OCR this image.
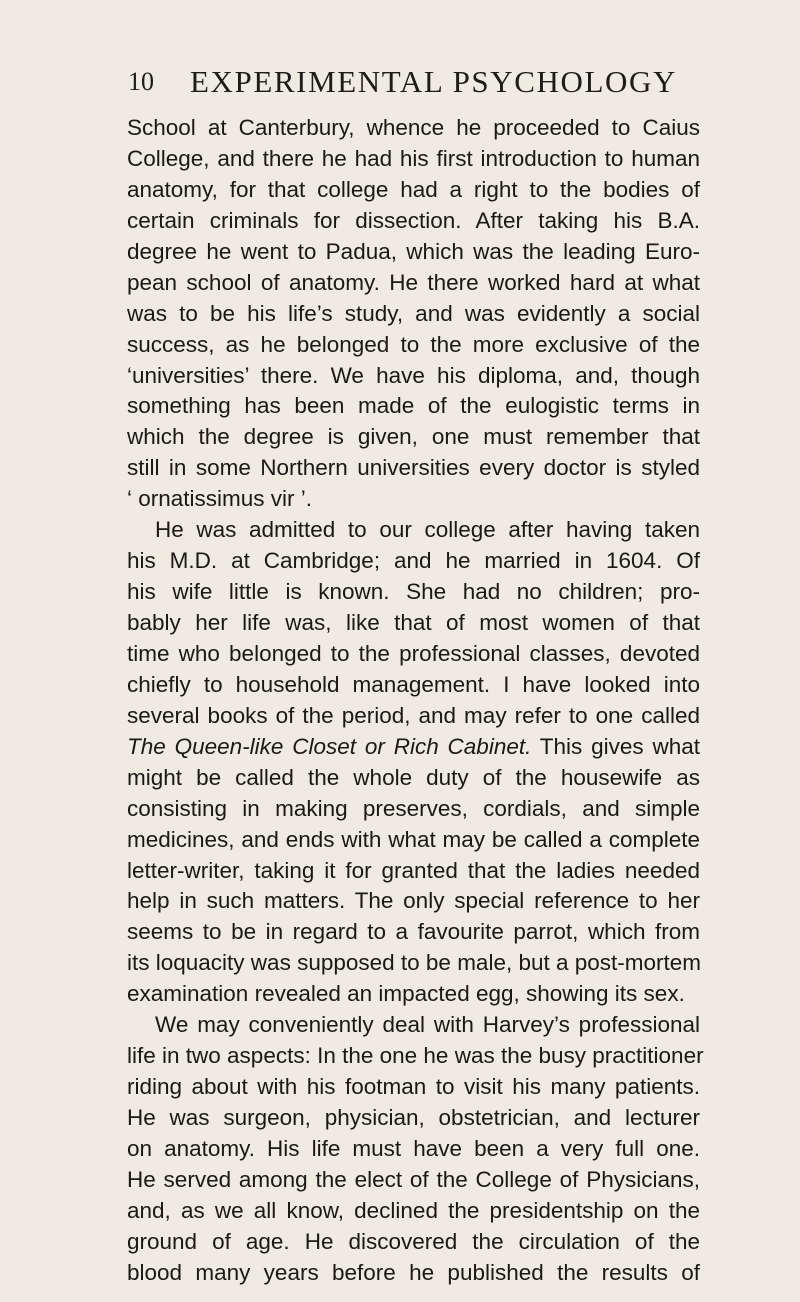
10 EXPERIMENTAL PSYCHOLOGY
School at Canterbury, whence he proceeded to Caius
College, and there he had his first introduction to human
anatomy, for that college had a right to the bodies of
certain criminals for dissection. After taking his B.A.
degree he went to Padua, which was the leading Euro-
pean school of anatomy. He there worked hard at what
was to be his life’s study, and was evidently a social
success, as he belonged to the more exclusive of the
‘universities’ there. We have his diploma, and, though
something has been made of the eulogistic terms in
which the degree is given, one must remember that
still in some Northern universities every doctor is styled
‘ ornatissimus vir ’.
He was admitted to our college after having taken
his M.D. at Cambridge; and he married in 1604. Of
his wife little is known. She had no children; pro-
bably her life was, like that of most women of that
time who belonged to the professional classes, devoted
chiefly to household management. I have looked into
several books of the period, and may refer to one called
The Queen-like Closet or Rich Cabinet. This gives what
might be called the whole duty of the housewife as
consisting in making preserves, cordials, and simple
medicines, and ends with what may be called a complete
letter-writer, taking it for granted that the ladies needed
help in such matters. The only special reference to her
seems to be in regard to a favourite parrot, which from
its loquacity was supposed to be male, but a post-mortem
examination revealed an impacted egg, showing its sex.
We may conveniently deal with Harvey’s professional
life in two aspects: In the one he was the busy practitioner
riding about with his footman to visit his many patients.
He was surgeon, physician, obstetrician, and lecturer
on anatomy. His life must have been a very full one.
He served among the elect of the College of Physicians,
and, as we all know, declined the presidentship on the
ground of age. He discovered the circulation of the
blood many years before he published the results of
